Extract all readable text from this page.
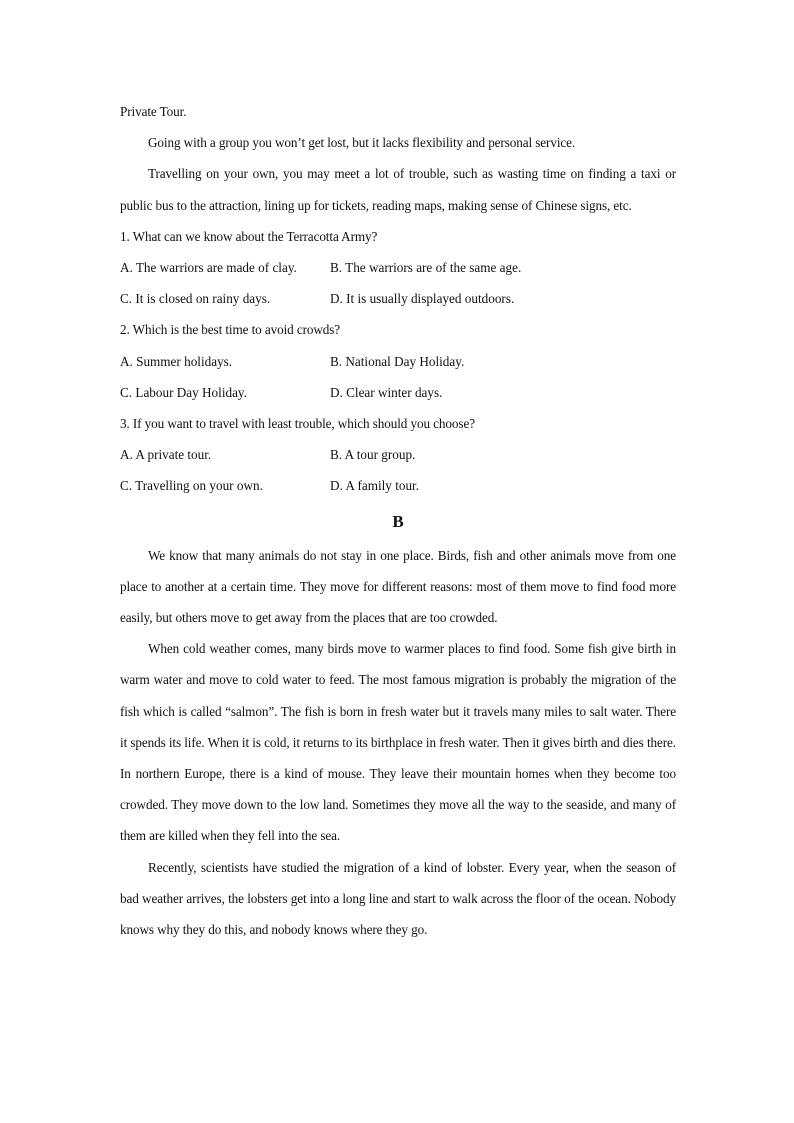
Private Tour.

Going with a group you won’t get lost, but it lacks flexibility and personal service.

Travelling on your own, you may meet a lot of trouble, such as wasting time on finding a taxi or public bus to the attraction, lining up for tickets, reading maps, making sense of Chinese signs, etc.

1. What can we know about the Terracotta Army?

A. The warriors are made of clay.	B. The warriors are of the same age.
C. It is closed on rainy days.	D. It is usually displayed outdoors.

2. Which is the best time to avoid crowds?

A. Summer holidays.	B. National Day Holiday.
C. Labour Day Holiday.	D. Clear winter days.

3. If you want to travel with least trouble, which should you choose?

A. A private tour.	B. A tour group.
C. Travelling on your own.	D. A family tour.
B

We know that many animals do not stay in one place. Birds, fish and other animals move from one place to another at a certain time. They move for different reasons: most of them move to find food more easily, but others move to get away from the places that are too crowded.

When cold weather comes, many birds move to warmer places to find food. Some fish give birth in warm water and move to cold water to feed. The most famous migration is probably the migration of the fish which is called “salmon”. The fish is born in fresh water but it travels many miles to salt water. There it spends its life. When it is cold, it returns to its birthplace in fresh water. Then it gives birth and dies there. In northern Europe, there is a kind of mouse. They leave their mountain homes when they become too crowded. They move down to the low land. Sometimes they move all the way to the seaside, and many of them are killed when they fell into the sea.

Recently, scientists have studied the migration of a kind of lobster. Every year, when the season of bad weather arrives, the lobsters get into a long line and start to walk across the floor of the ocean. Nobody knows why they do this, and nobody knows where they go.
